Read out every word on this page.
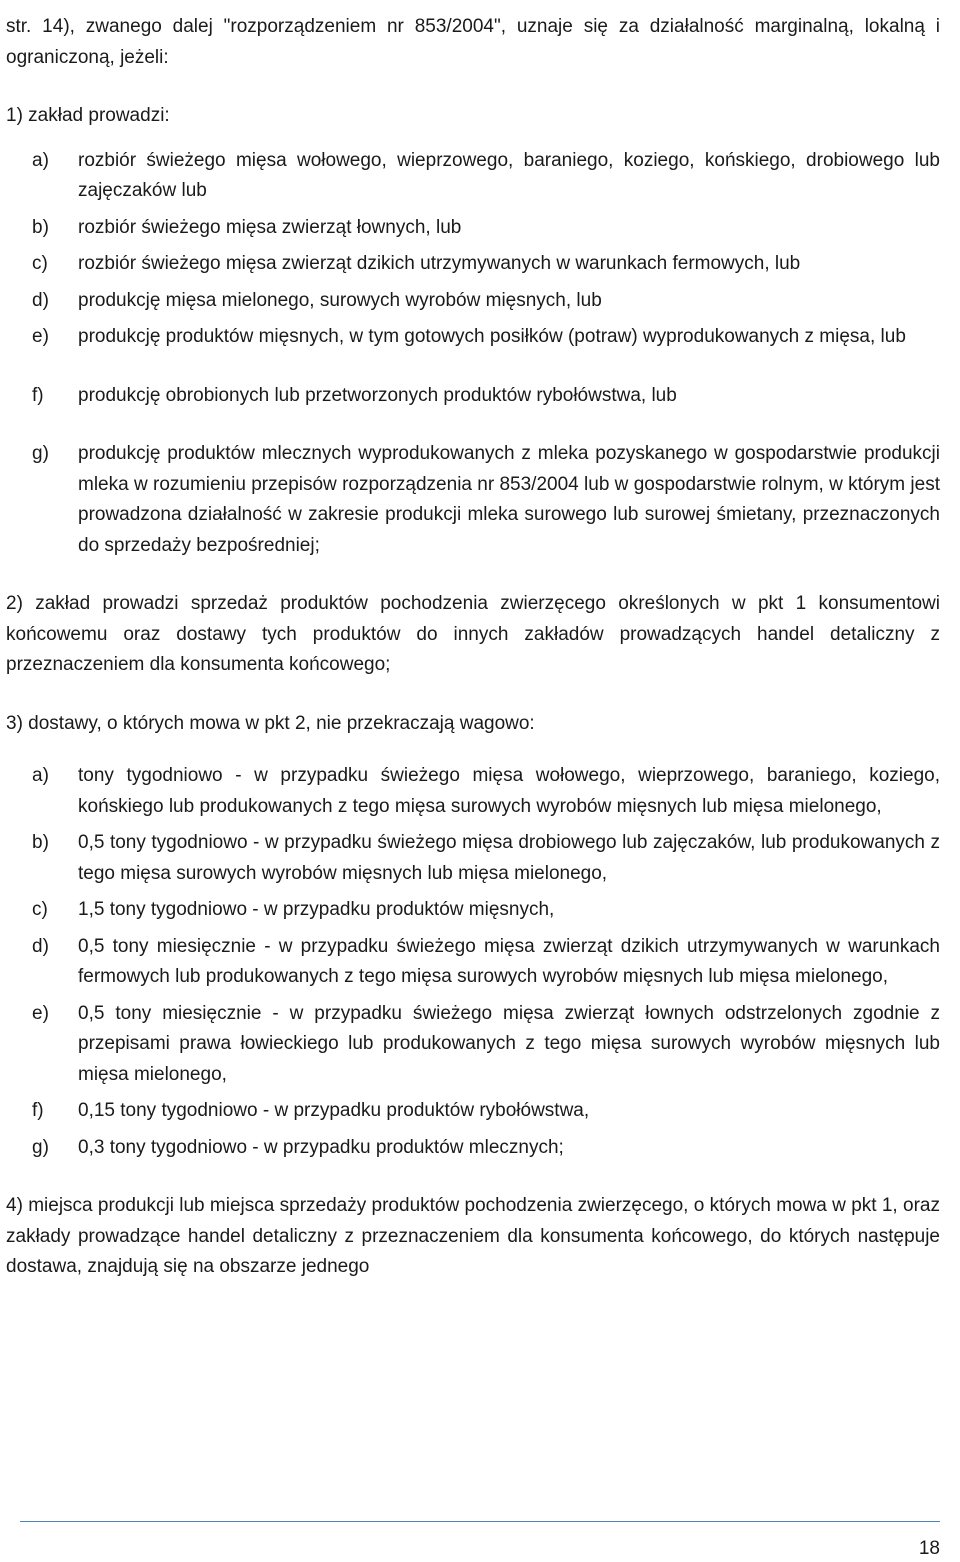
str. 14), zwanego dalej "rozporządzeniem nr 853/2004", uznaje się za działalność marginalną, lokalną i ograniczoną, jeżeli:

1) zakład prowadzi:

a)	rozbiór świeżego mięsa wołowego, wieprzowego, baraniego, koziego, końskiego, drobiowego lub zajęczaków lub
b)	rozbiór świeżego mięsa zwierząt łownych, lub
c)	rozbiór świeżego mięsa zwierząt dzikich utrzymywanych w warunkach fermowych, lub
d)	produkcję mięsa mielonego, surowych wyrobów mięsnych, lub
e)	produkcję produktów mięsnych, w tym gotowych posiłków (potraw) wyprodukowanych z mięsa, lub
f)	produkcję obrobionych lub przetworzonych produktów rybołówstwa, lub
g)	produkcję produktów mlecznych wyprodukowanych z mleka pozyskanego w gospodarstwie produkcji mleka w rozumieniu przepisów rozporządzenia nr 853/2004 lub w gospodarstwie rolnym, w którym jest prowadzona działalność w zakresie produkcji mleka surowego lub surowej śmietany, przeznaczonych do sprzedaży bezpośredniej;

2) zakład prowadzi sprzedaż produktów pochodzenia zwierzęcego określonych w pkt 1 konsumentowi końcowemu oraz dostawy tych produktów do innych zakładów prowadzących handel detaliczny z przeznaczeniem dla konsumenta końcowego;

3) dostawy, o których mowa w pkt 2, nie przekraczają wagowo:

a)	tony tygodniowo - w przypadku świeżego mięsa wołowego, wieprzowego, baraniego, koziego, końskiego lub produkowanych z tego mięsa surowych wyrobów mięsnych lub mięsa mielonego,
b)	0,5 tony tygodniowo - w przypadku świeżego mięsa drobiowego lub zajęczaków, lub produkowanych z tego mięsa surowych wyrobów mięsnych lub mięsa mielonego,
c)	1,5 tony tygodniowo - w przypadku produktów mięsnych,
d)	0,5 tony miesięcznie - w przypadku świeżego mięsa zwierząt dzikich utrzymywanych w warunkach fermowych lub produkowanych z tego mięsa surowych wyrobów mięsnych lub mięsa mielonego,
e)	0,5 tony miesięcznie - w przypadku świeżego mięsa zwierząt łownych odstrzelonych zgodnie z przepisami prawa łowieckiego lub produkowanych z tego mięsa surowych wyrobów mięsnych lub mięsa mielonego,
f)	0,15 tony tygodniowo - w przypadku produktów rybołówstwa,
g)	0,3 tony tygodniowo - w przypadku produktów mlecznych;

4) miejsca produkcji lub miejsca sprzedaży produktów pochodzenia zwierzęcego, o których mowa w pkt 1, oraz zakłady prowadzące handel detaliczny z przeznaczeniem dla konsumenta końcowego, do których następuje dostawa, znajdują się na obszarze jednego

18
